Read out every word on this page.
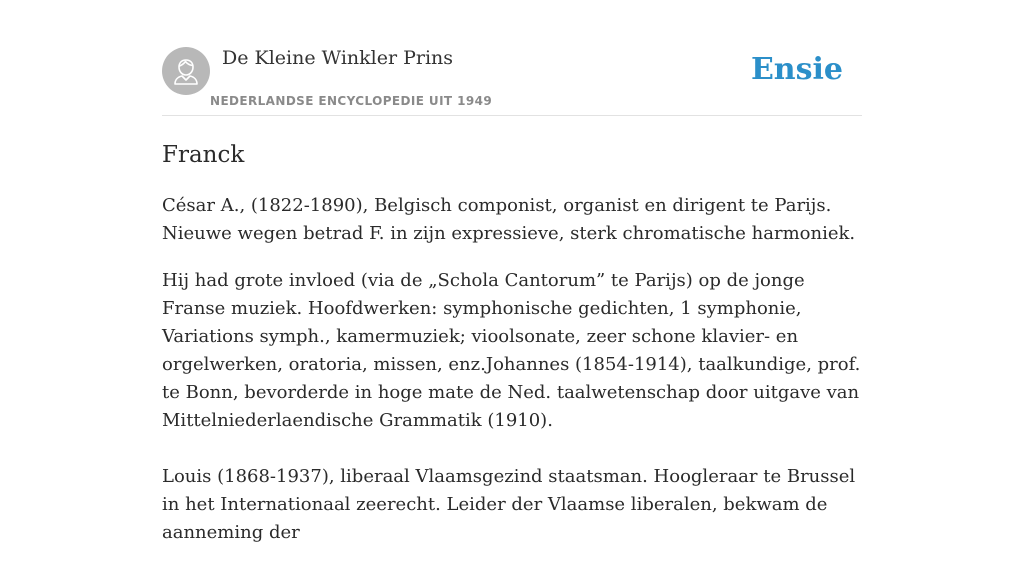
De Kleine Winkler Prins
NEDERLANDSE ENCYCLOPEDIE UIT 1949
Ensie
Franck

César A., (1822-1890), Belgisch componist, organist en dirigent te Parijs. Nieuwe wegen betrad F. in zijn expressieve, sterk chromatische harmoniek.

Hij had grote invloed (via de „Schola Cantorum” te Parijs) op de jonge Franse muziek. Hoofdwerken: symphonische gedichten, 1 symphonie, Variations symph., kamermuziek; vioolsonate, zeer schone klavier- en orgelwerken, oratoria, missen, enz.Johannes (1854-1914), taalkundige, prof. te Bonn, bevorderde in hoge mate de Ned. taalwetenschap door uitgave van Mittelniederlaendische Grammatik (1910).

Louis (1868-1937), liberaal Vlaamsgezind staatsman. Hoogleraar te Brussel in het Internationaal zeerecht. Leider der Vlaamse liberalen, bekwam de aanneming der
